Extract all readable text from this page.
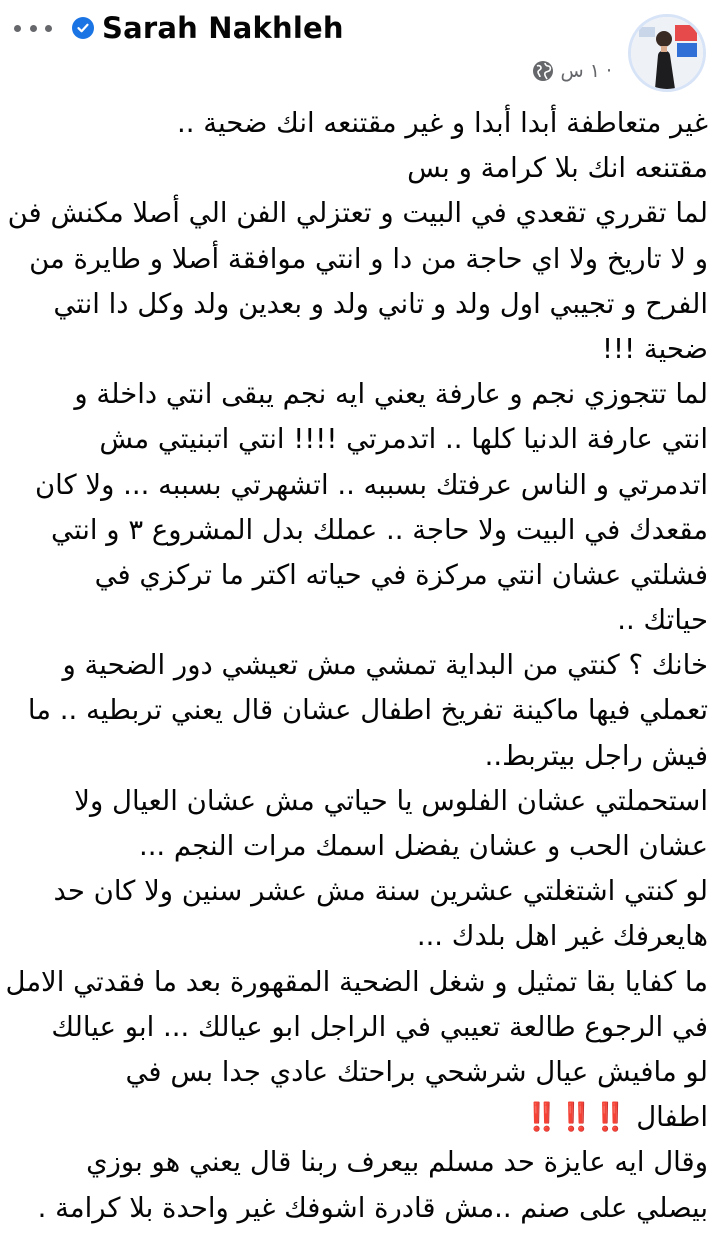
Sarah Nakhleh
١ س ·
غير متعاطفة أبدا أبدا و غير مقتنعه انك ضحية ..
مقتنعه انك بلا كرامة و بس
لما تقرري تقعدي في البيت و تعتزلي الفن الي أصلا مكنش فن
و لا تاريخ ولا اي حاجة من دا و انتي موافقة أصلا و طايرة من
الفرح و تجيبي اول ولد و تاني ولد و بعدين ولد وكل دا انتي
ضحية !!!
لما تتجوزي نجم و عارفة يعني ايه نجم يبقى انتي داخلة و
انتي عارفة الدنيا كلها .. اتدمرتي !!!! انتي اتبنيتي مش
اتدمرتي و الناس عرفتك بسببه .. اتشهرتي بسببه ... ولا كان
مقعدك في البيت ولا حاجة .. عملك بدل المشروع ٣ و انتي
فشلتي عشان انتي مركزة في حياته اكتر ما تركزي في
حياتك ..
خانك ؟ كنتي من البداية تمشي مش تعيشي دور الضحية و
تعملي فيها ماكينة تفريخ اطفال عشان قال يعني تربطيه .. ما
فيش راجل بيتربط..
استحملتي عشان الفلوس يا حياتي مش عشان العيال ولا
عشان الحب و عشان يفضل اسمك مرات النجم ...
لو كنتي اشتغلتي عشرين سنة مش عشر سنين ولا كان حد
هايعرفك غير اهل بلدك ...
ما كفايا بقا تمثيل و شغل الضحية المقهورة بعد ما فقدتي الامل
في الرجوع طالعة تعيبي في الراجل ابو عيالك ... ابو عيالك
لو مافيش عيال شرشحي براحتك عادي جدا بس في
اطفال ‼️‼️‼️
وقال ايه عايزة حد مسلم بيعرف ربنا قال يعني هو بوزي
بيصلي على صنم ..مش قادرة اشوفك غير واحدة بلا كرامة .
